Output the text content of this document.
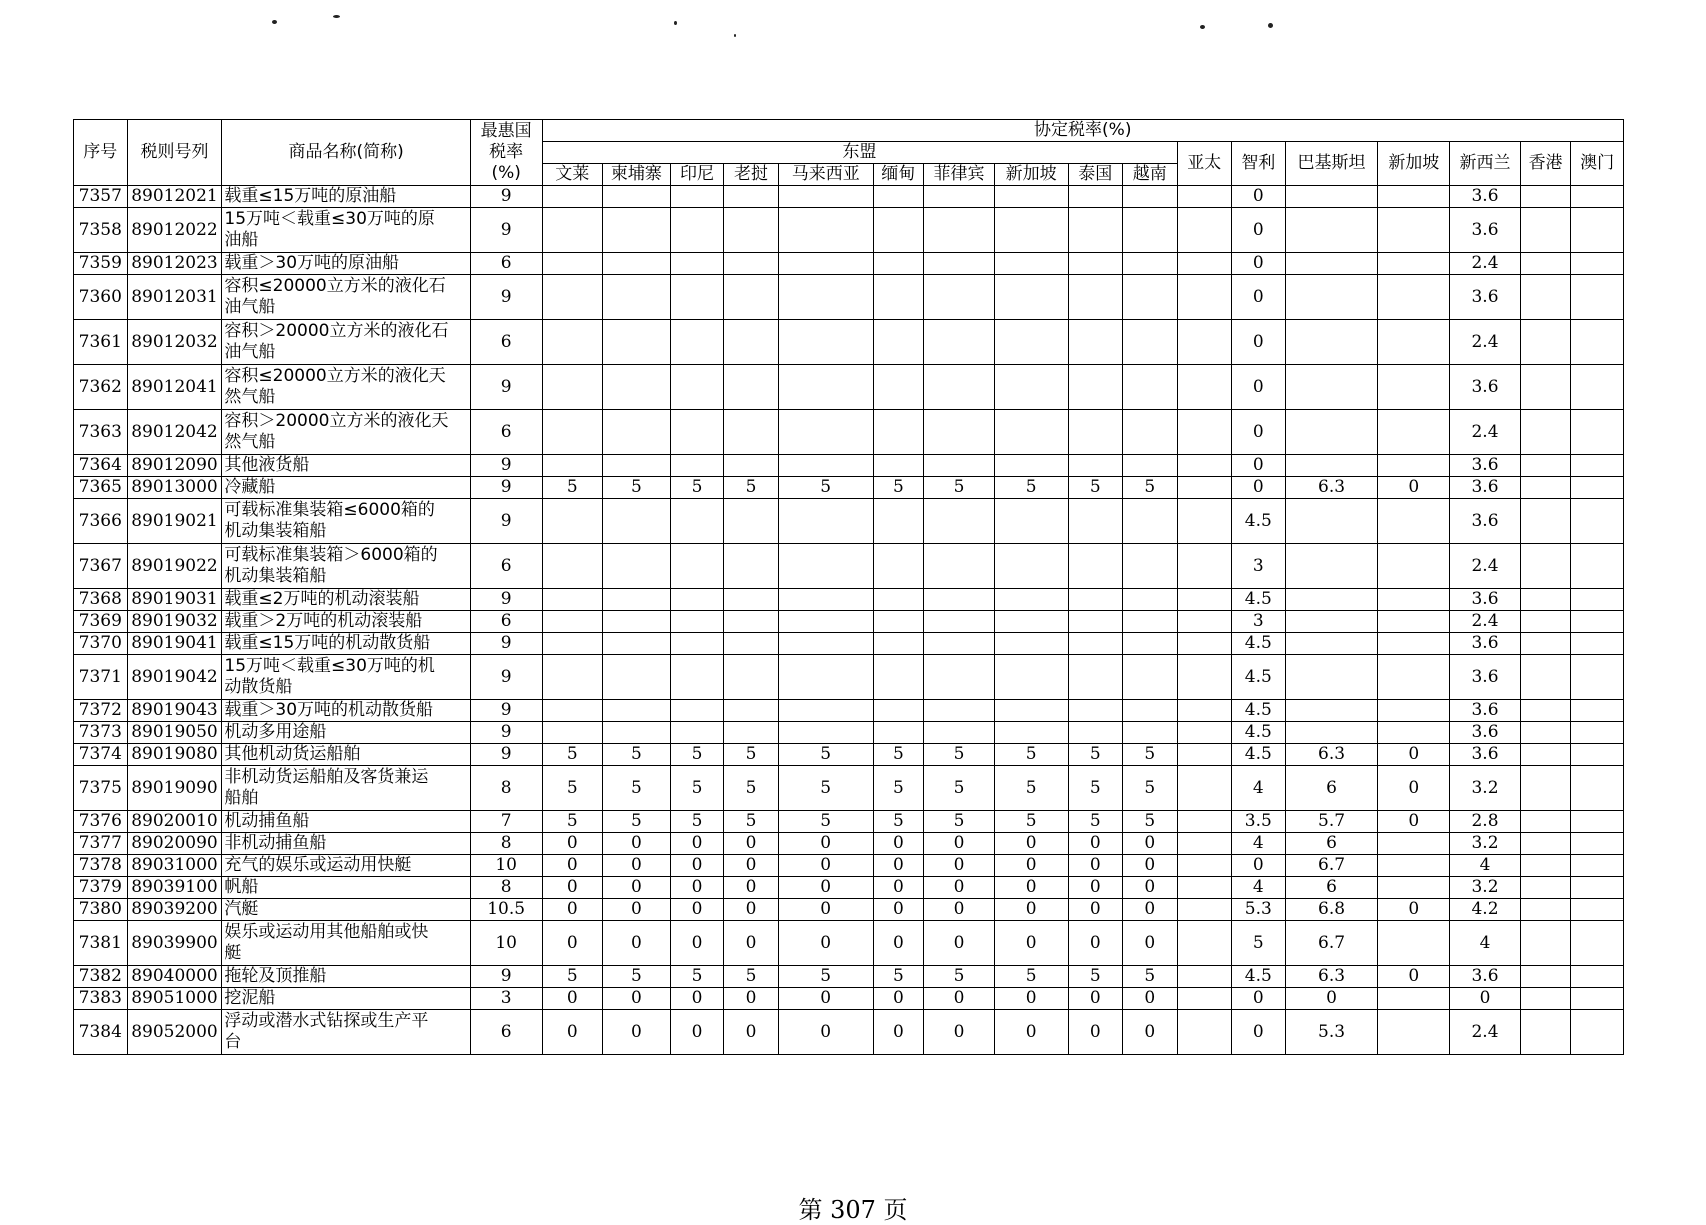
序号	税则号列	商品名称(简称)	最惠国
税率
(%)	协定税率(%)																
				东盟										亚太	智利	巴基斯坦	新加坡	新西兰	香港	澳门
				文莱	柬埔寨	印尼	老挝	马来西亚	缅甸	菲律宾	新加坡	泰国	越南							
7357	89012021	载重≤15万吨的原油船	9												0			3.6		
7358	89012022	15万吨＜载重≤30万吨的原
油船	9												0			3.6		
7359	89012023	载重＞30万吨的原油船	6												0			2.4		
7360	89012031	容积≤20000立方米的液化石
油气船	9												0			3.6		
7361	89012032	容积＞20000立方米的液化石
油气船	6												0			2.4		
7362	89012041	容积≤20000立方米的液化天
然气船	9												0			3.6		
7363	89012042	容积＞20000立方米的液化天
然气船	6												0			2.4		
7364	89012090	其他液货船	9												0			3.6		
7365	89013000	冷藏船	9	5	5	5	5	5	5	5	5	5	5		0	6.3	0	3.6		
7366	89019021	可载标准集装箱≤6000箱的
机动集装箱船	9												4.5			3.6		
7367	89019022	可载标准集装箱＞6000箱的
机动集装箱船	6												3			2.4		
7368	89019031	载重≤2万吨的机动滚装船	9												4.5			3.6		
7369	89019032	载重＞2万吨的机动滚装船	6												3			2.4		
7370	89019041	载重≤15万吨的机动散货船	9												4.5			3.6		
7371	89019042	15万吨＜载重≤30万吨的机
动散货船	9												4.5			3.6		
7372	89019043	载重＞30万吨的机动散货船	9												4.5			3.6		
7373	89019050	机动多用途船	9												4.5			3.6		
7374	89019080	其他机动货运船舶	9	5	5	5	5	5	5	5	5	5	5		4.5	6.3	0	3.6		
7375	89019090	非机动货运船舶及客货兼运
船舶	8	5	5	5	5	5	5	5	5	5	5		4	6	0	3.2		
7376	89020010	机动捕鱼船	7	5	5	5	5	5	5	5	5	5	5		3.5	5.7	0	2.8		
7377	89020090	非机动捕鱼船	8	0	0	0	0	0	0	0	0	0	0		4	6		3.2		
7378	89031000	充气的娱乐或运动用快艇	10	0	0	0	0	0	0	0	0	0	0		0	6.7		4		
7379	89039100	帆船	8	0	0	0	0	0	0	0	0	0	0		4	6		3.2		
7380	89039200	汽艇	10.5	0	0	0	0	0	0	0	0	0	0		5.3	6.8	0	4.2		
7381	89039900	娱乐或运动用其他船舶或快
艇	10	0	0	0	0	0	0	0	0	0	0		5	6.7		4		
7382	89040000	拖轮及顶推船	9	5	5	5	5	5	5	5	5	5	5		4.5	6.3	0	3.6		
7383	89051000	挖泥船	3	0	0	0	0	0	0	0	0	0	0		0	0		0		
7384	89052000	浮动或潜水式钻探或生产平
台	6	0	0	0	0	0	0	0	0	0	0		0	5.3		2.4		
第 307 页
